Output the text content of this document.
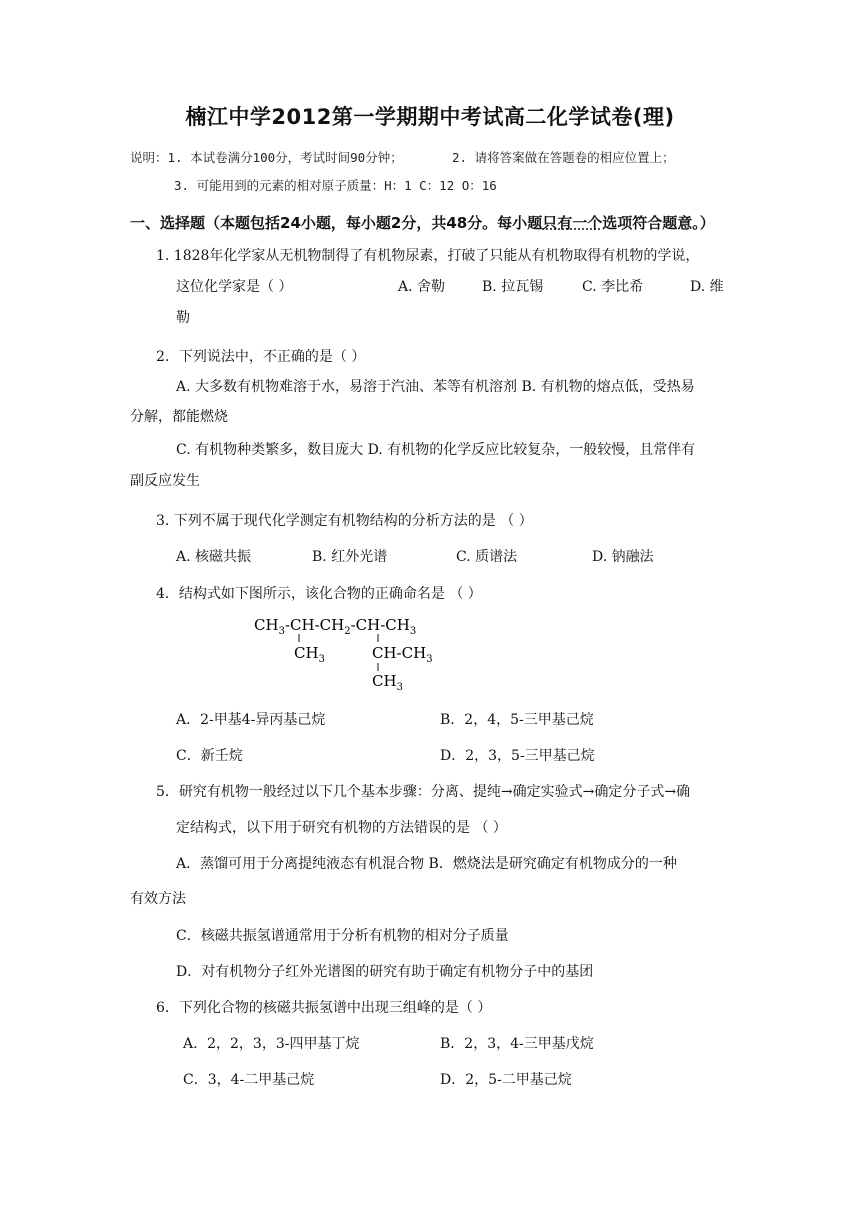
楠江中学2012第一学期期中考试高二化学试卷(理)
说明：1. 本试卷满分100分，考试时间90分钟；	2. 请将答案做在答题卷的相应位置上；
3. 可能用到的元素的相对原子质量：H：1 C：12 O：16
一、选择题（本题包括24小题，每小题2分，共48分。每小题只有一个选项符合题意。）
1. 1828年化学家从无机物制得了有机物尿素，打破了只能从有机物取得有机物的学说，
这位化学家是（ ）	A. 舍勒	B. 拉瓦锡	C. 李比希	D. 维
勒
2．下列说法中，不正确的是（ ）
A. 大多数有机物难溶于水，易溶于汽油、苯等有机溶剂 B. 有机物的熔点低，受热易
分解，都能燃烧
C. 有机物种类繁多，数目庞大 D. 有机物的化学反应比较复杂，一般较慢，且常伴有
副反应发生
3. 下列不属于现代化学测定有机物结构的分析方法的是 （ ）
A. 核磁共振	B. 红外光谱	C. 质谱法	D. 钠融法
4．结构式如下图所示，该化合物的正确命名是 （ ）
$CH_3-CH-CH_2-CH-CH_3$
$CH_3$	$CH-CH_3$
$CH_3$
A．2-甲基4-异丙基己烷	B．2，4，5-三甲基己烷
C．新壬烷	D．2，3，5-三甲基己烷
5．研究有机物一般经过以下几个基本步骤：分离、提纯→确定实验式→确定分子式→确
定结构式，以下用于研究有机物的方法错误的是 （ ）
A．蒸馏可用于分离提纯液态有机混合物 B．燃烧法是研究确定有机物成分的一种
有效方法
C．核磁共振氢谱通常用于分析有机物的相对分子质量
D．对有机物分子红外光谱图的研究有助于确定有机物分子中的基团
6．下列化合物的核磁共振氢谱中出现三组峰的是（ ）
A．2，2，3，3-四甲基丁烷	B．2，3，4-三甲基戊烷
C．3，4-二甲基己烷	D．2，5-二甲基己烷
